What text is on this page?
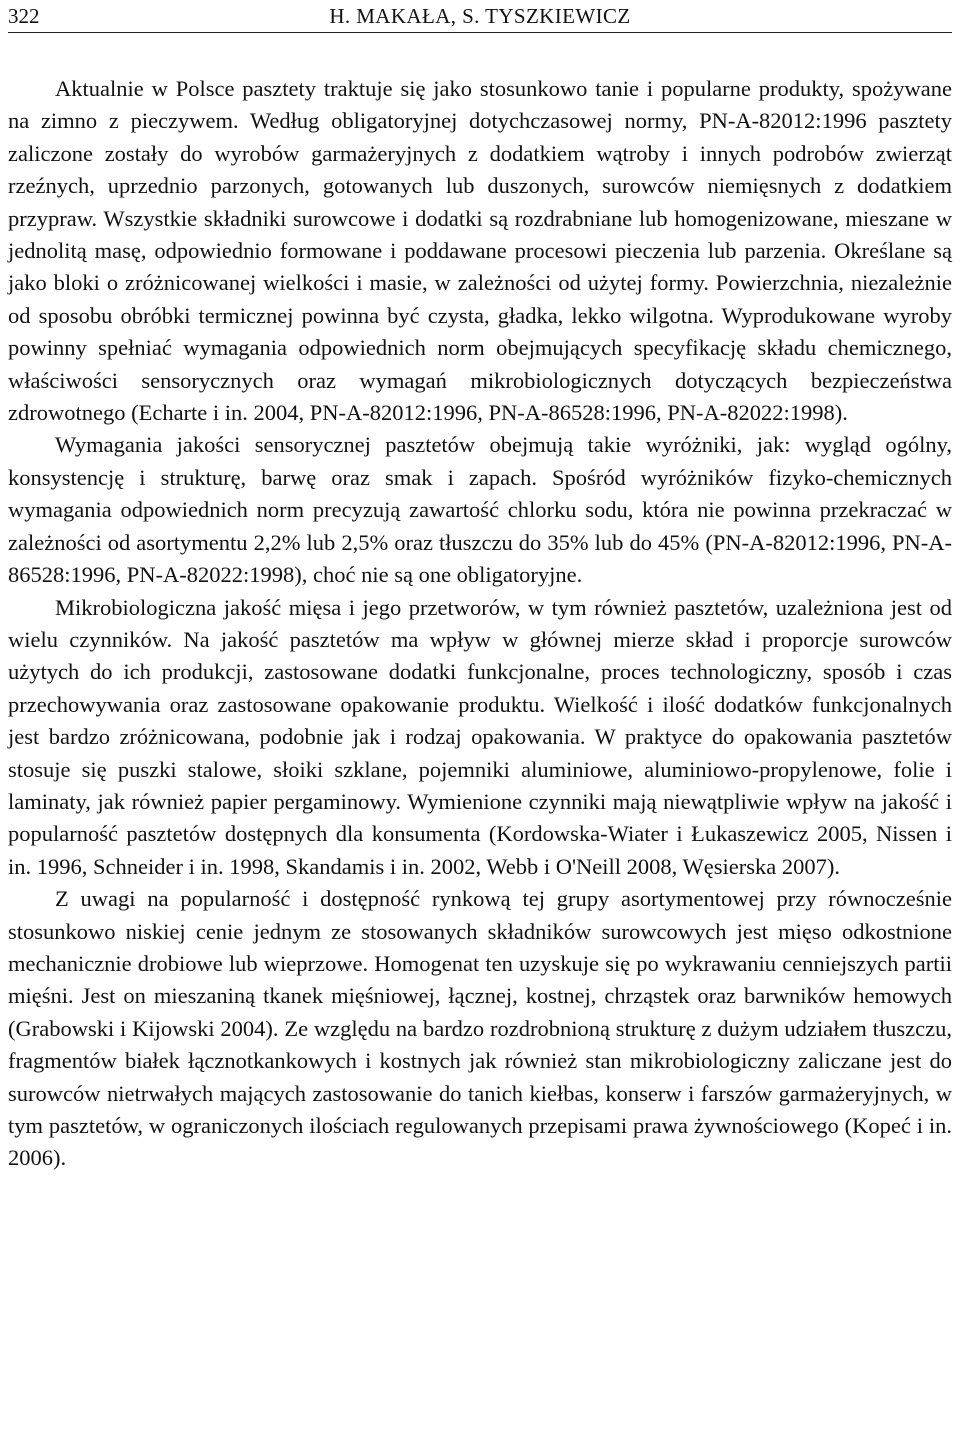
322	H. MAKAŁA, S. TYSZKIEWICZ

Aktualnie w Polsce pasztety traktuje się jako stosunkowo tanie i popularne produkty, spożywane na zimno z pieczywem. Według obligatoryjnej dotychczasowej normy, PN-A-82012:1996 pasztety zaliczone zostały do wyrobów garmażeryjnych z dodatkiem wątroby i innych podrobów zwierząt rzeźnych, uprzednio parzonych, gotowanych lub duszonych, surowców niemięsnych z dodatkiem przypraw. Wszystkie składniki surowcowe i dodatki są rozdrabniane lub homogenizowane, mieszane w jednolitą masę, odpowiednio formowane i poddawane procesowi pieczenia lub parzenia. Określane są jako bloki o zróżnicowanej wielkości i masie, w zależności od użytej formy. Powierzchnia, niezależnie od sposobu obróbki termicznej powinna być czysta, gładka, lekko wilgotna. Wyprodukowane wyroby powinny spełniać wymagania odpowiednich norm obejmujących specyfikację składu chemicznego, właściwości sensorycznych oraz wymagań mikrobiologicznych dotyczących bezpieczeństwa zdrowotnego (Echarte i in. 2004, PN-A-82012:1996, PN-A-86528:1996, PN-A-82022:1998).

Wymagania jakości sensorycznej pasztetów obejmują takie wyróżniki, jak: wygląd ogólny, konsystencję i strukturę, barwę oraz smak i zapach. Spośród wyróżników fizyko-chemicznych wymagania odpowiednich norm precyzują zawartość chlorku sodu, która nie powinna przekraczać w zależności od asortymentu 2,2% lub 2,5% oraz tłuszczu do 35% lub do 45% (PN-A-82012:1996, PN-A-86528:1996, PN-A-82022:1998), choć nie są one obligatoryjne.

Mikrobiologiczna jakość mięsa i jego przetworów, w tym również pasztetów, uzależniona jest od wielu czynników. Na jakość pasztetów ma wpływ w głównej mierze skład i proporcje surowców użytych do ich produkcji, zastosowane dodatki funkcjonalne, proces technologiczny, sposób i czas przechowywania oraz zastosowane opakowanie produktu. Wielkość i ilość dodatków funkcjonalnych jest bardzo zróżnicowana, podobnie jak i rodzaj opakowania. W praktyce do opakowania pasztetów stosuje się puszki stalowe, słoiki szklane, pojemniki aluminiowe, aluminiowo-propylenowe, folie i laminaty, jak również papier pergaminowy. Wymienione czynniki mają niewątpliwie wpływ na jakość i popularność pasztetów dostępnych dla konsumenta (Kordowska-Wiater i Łukaszewicz 2005, Nissen i in. 1996, Schneider i in. 1998, Skandamis i in. 2002, Webb i O'Neill 2008, Węsierska 2007).

Z uwagi na popularność i dostępność rynkową tej grupy asortymentowej przy równocześnie stosunkowo niskiej cenie jednym ze stosowanych składników surowcowych jest mięso odkostnione mechanicznie drobiowe lub wieprzowe. Homogenat ten uzyskuje się po wykrawaniu cenniejszych partii mięśni. Jest on mieszaniną tkanek mięśniowej, łącznej, kostnej, chrząstek oraz barwników hemowych (Grabowski i Kijowski 2004). Ze względu na bardzo rozdrobnioną strukturę z dużym udziałem tłuszczu, fragmentów białek łącznotkankowych i kostnych jak również stan mikrobiologiczny zaliczane jest do surowców nietrwałych mających zastosowanie do tanich kiełbas, konserw i farszów garmażeryjnych, w tym pasztetów, w ograniczonych ilościach regulowanych przepisami prawa żywnościowego (Kopeć i in. 2006).
